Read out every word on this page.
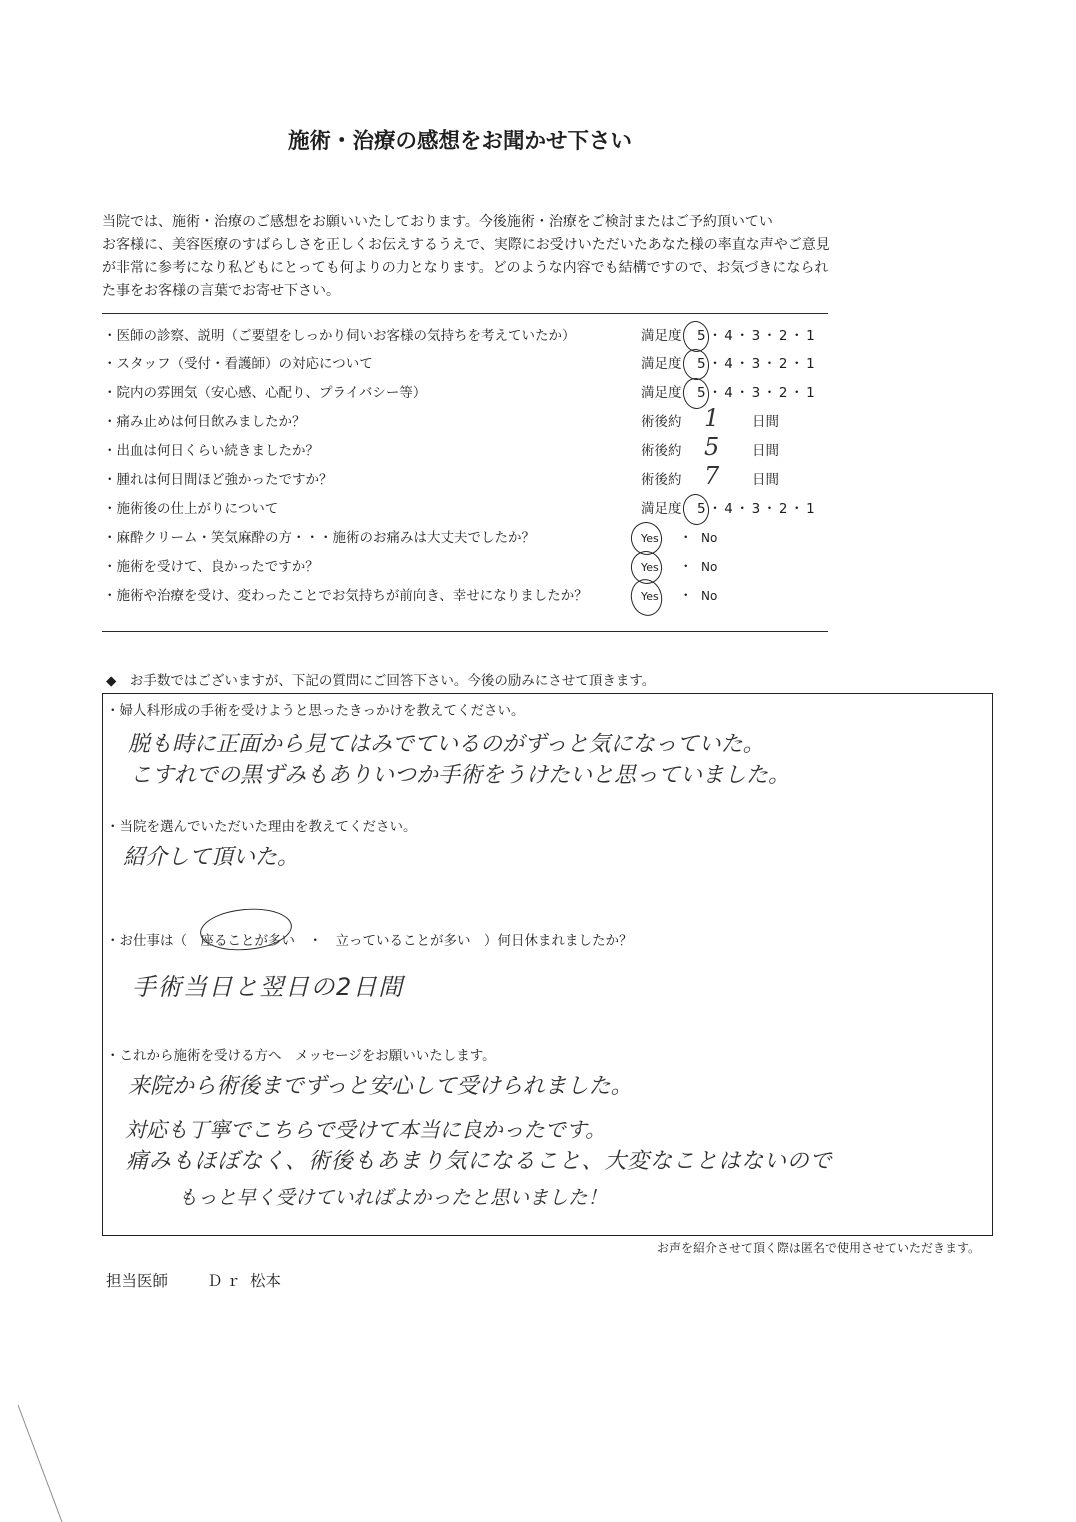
施術・治療の感想をお聞かせ下さい
当院では、施術・治療のご感想をお願いいたしております。今後施術・治療をご検討またはご予約頂いてい
お客様に、美容医療のすばらしさを正しくお伝えするうえで、実際にお受けいただいたあなた様の率直な声やご意見
が非常に参考になり私どもにとっても何よりの力となります。どのような内容でも結構ですので、お気づきになられ
た事をお客様の言葉でお寄せ下さい。
・医師の診察、説明（ご要望をしっかり伺いお客様の気持ちを考えていたか）	満足度 5・4・3・2・1
・スタッフ（受付・看護師）の対応について	満足度 5・4・3・2・1
・院内の雰囲気（安心感、心配り、プライバシー等）	満足度 5・4・3・2・1
・痛み止めは何日飲みましたか？	術後約 1 日間
・出血は何日くらい続きましたか？	術後約 5 日間
・腫れは何日間ほど強かったですか？	術後約 7 日間
・施術後の仕上がりについて	満足度 5・4・3・2・1
・麻酔クリーム・笑気麻酔の方・・・施術のお痛みは大丈夫でしたか？	Yes ・ No
・施術を受けて、良かったですか？	Yes ・ No
・施術や治療を受け、変わったことでお気持ちが前向き、幸せになりましたか？	Yes ・ No
◆　お手数ではございますが、下記の質問にご回答下さい。今後の励みにさせて頂きます。
・婦人科形成の手術を受けようと思ったきっかけを教えてください。
脱も時に正面から見てはみでているのがずっと気になっていた。
こすれでの黒ずみもありいつか手術をうけたいと思っていました。
・当院を選んでいただいた理由を教えてください。
紹介して頂いた。
・お仕事は（ 座ることが多い ・ 立っていることが多い ）何日休まれましたか？
手術当日と翌日の2日間
・これから施術を受ける方へ　メッセージをお願いいたします。
来院から術後までずっと安心して受けられました。
対応も丁寧でこちらで受けて本当に良かったです。
痛みもほぼなく、術後もあまり気になること、大変なことはないので
もっと早く受けていればよかったと思いました！
お声を紹介させて頂く際は匿名で使用させていただきます。
担当医師	Ｄｒ 松本
